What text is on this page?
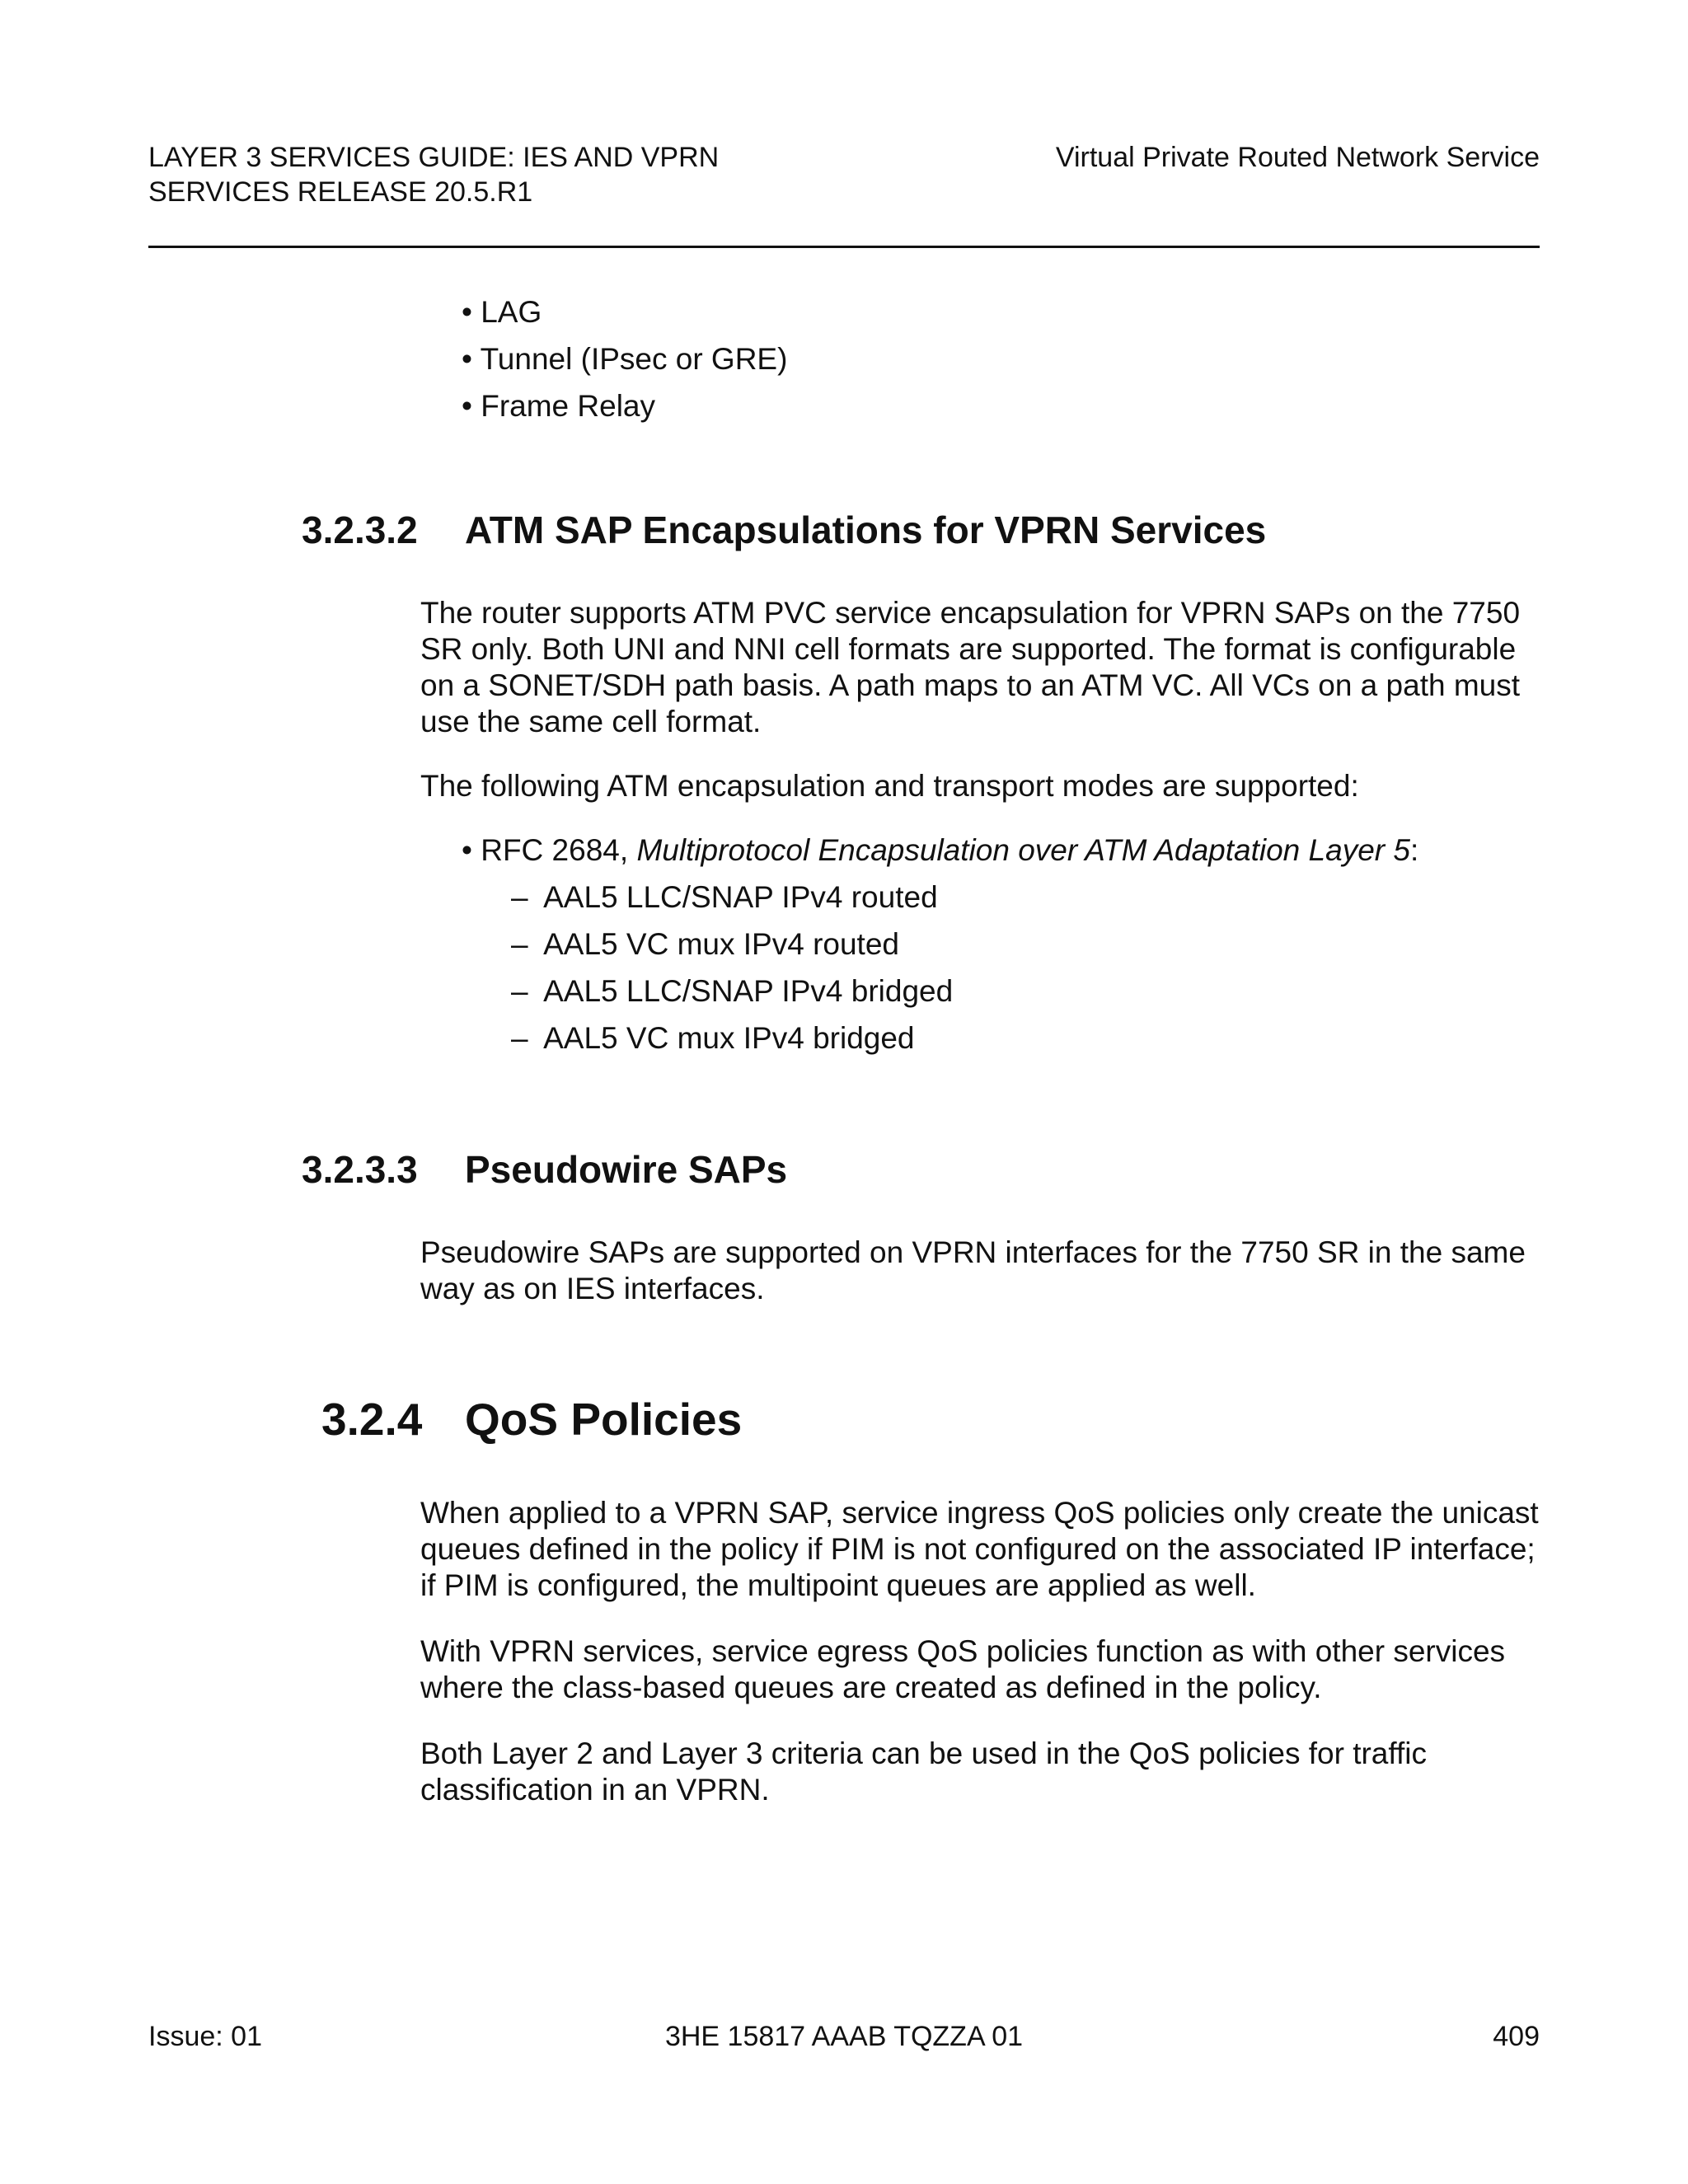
LAYER 3 SERVICES GUIDE: IES AND VPRN
SERVICES RELEASE 20.5.R1
Virtual Private Routed Network Service
• LAG
• Tunnel (IPsec or GRE)
• Frame Relay
3.2.3.2 ATM SAP Encapsulations for VPRN Services
The router supports ATM PVC service encapsulation for VPRN SAPs on the 7750 SR only. Both UNI and NNI cell formats are supported. The format is configurable on a SONET/SDH path basis. A path maps to an ATM VC. All VCs on a path must use the same cell format.
The following ATM encapsulation and transport modes are supported:
• RFC 2684, Multiprotocol Encapsulation over ATM Adaptation Layer 5:
–  AAL5 LLC/SNAP IPv4 routed
–  AAL5 VC mux IPv4 routed
–  AAL5 LLC/SNAP IPv4 bridged
–  AAL5 VC mux IPv4 bridged
3.2.3.3 Pseudowire SAPs
Pseudowire SAPs are supported on VPRN interfaces for the 7750 SR in the same way as on IES interfaces.
3.2.4 QoS Policies
When applied to a VPRN SAP, service ingress QoS policies only create the unicast queues defined in the policy if PIM is not configured on the associated IP interface; if PIM is configured, the multipoint queues are applied as well.
With VPRN services, service egress QoS policies function as with other services where the class-based queues are created as defined in the policy.
Both Layer 2 and Layer 3 criteria can be used in the QoS policies for traffic classification in an VPRN.
Issue: 01	3HE 15817 AAAB TQZZA 01	409
